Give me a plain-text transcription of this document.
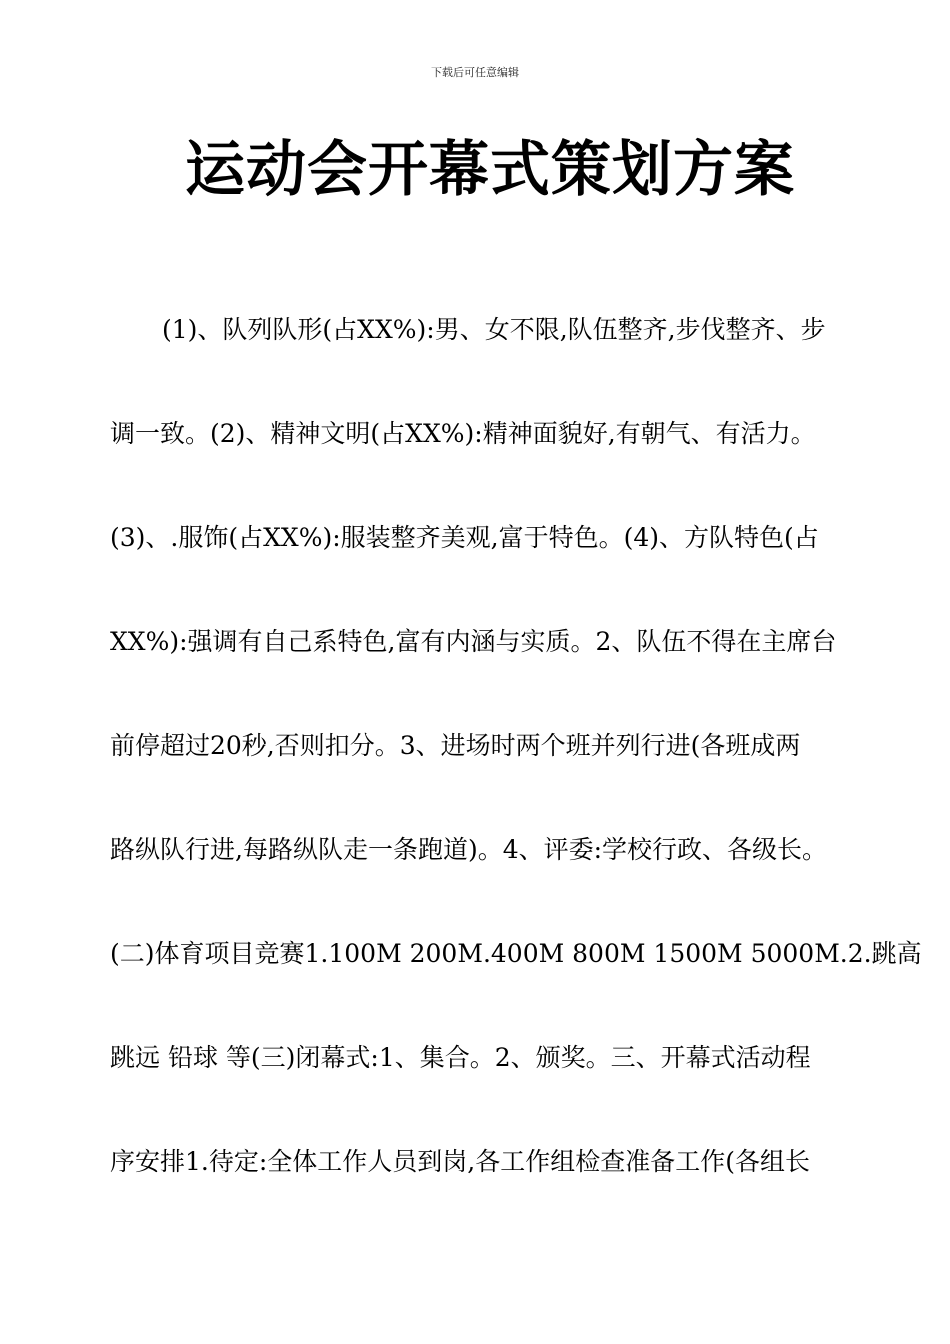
下载后可任意编辑
运动会开幕式策划方案
(1)、队列队形(占XX%):男、女不限,队伍整齐,步伐整齐、步
调一致。(2)、精神文明(占XX%):精神面貌好,有朝气、有活力。
(3)、.服饰(占XX%):服装整齐美观,富于特色。(4)、方队特色(占
XX%):强调有自己系特色,富有内涵与实质。2、队伍不得在主席台
前停超过20秒,否则扣分。3、进场时两个班并列行进(各班成两
路纵队行进,每路纵队走一条跑道)。4、评委:学校行政、各级长。
(二)体育项目竞赛1.100M 200M.400M 800M 1500M 5000M.2.跳高
跳远 铅球 等(三)闭幕式:1、集合。2、颁奖。三、开幕式活动程
序安排1.待定:全体工作人员到岗,各工作组检查准备工作(各组长
